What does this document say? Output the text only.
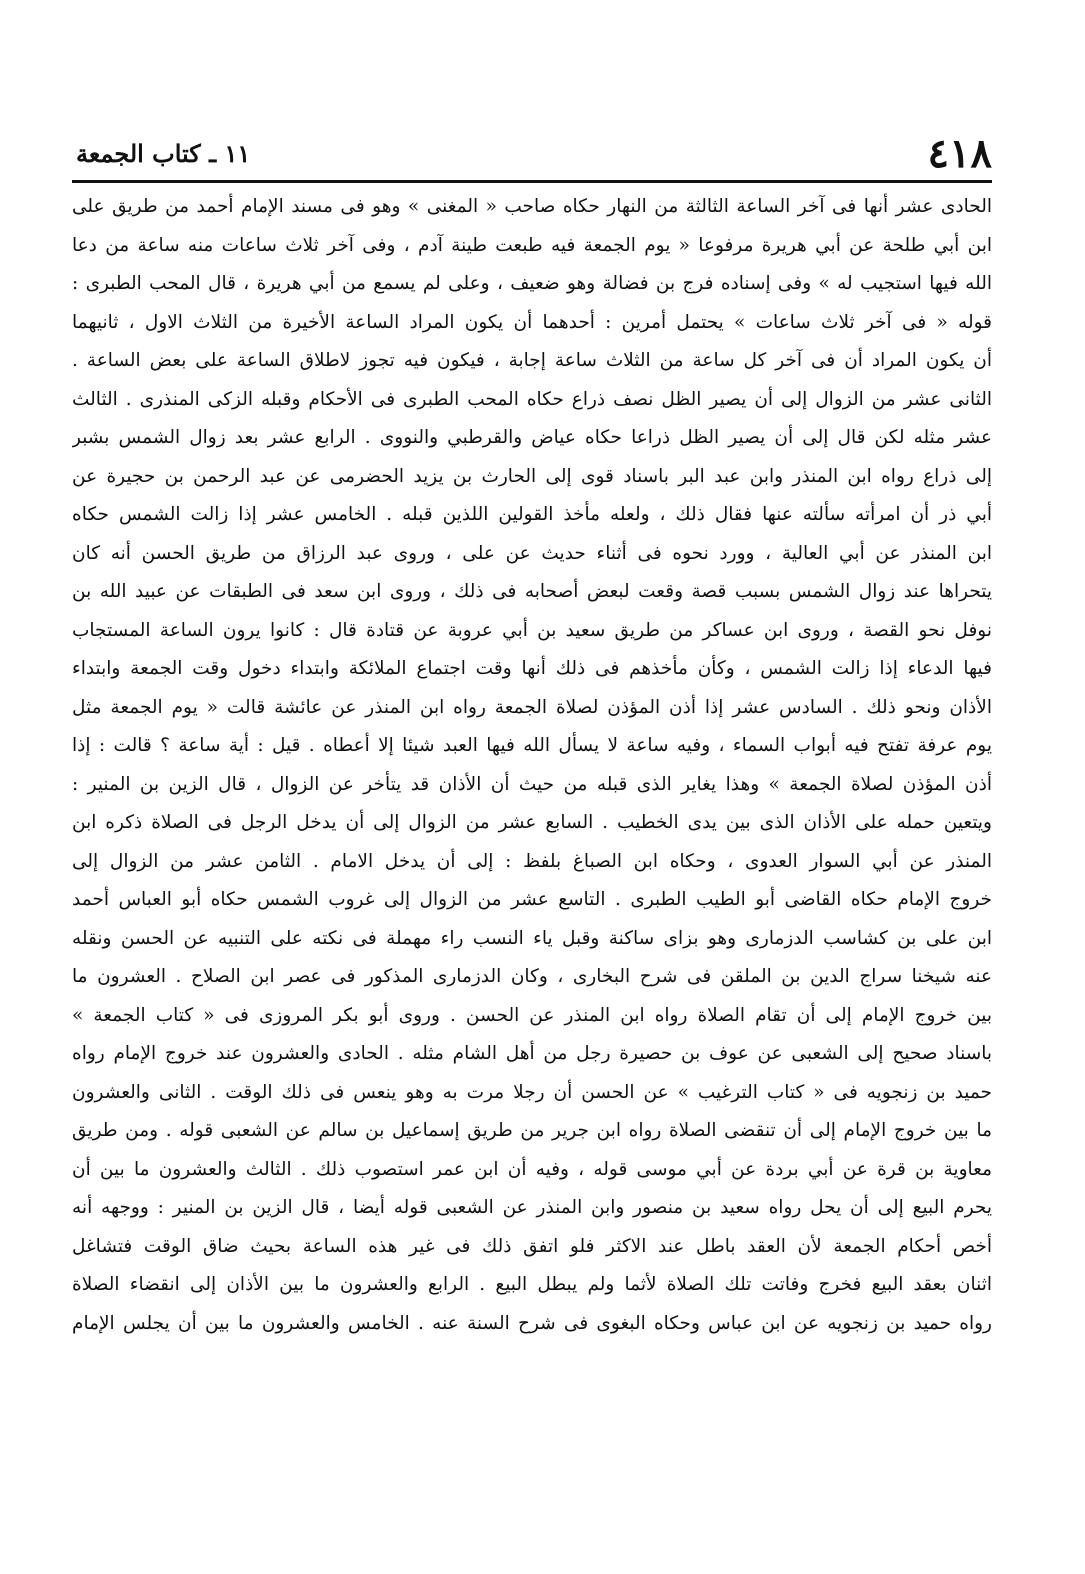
٤١٨
١١ ـ كتاب الجمعة
الحادى عشر أنها فى آخر الساعة الثالثة من النهار حكاه صاحب « المغنى » وهو فى مسند الإمام أحمد من طريق على
ابن أبي طلحة عن أبي هريرة مرفوعا « يوم الجمعة فيه طبعت طينة آدم ، وفى آخر ثلاث ساعات منه ساعة من دعا
الله فيها استجيب له » وفى إسناده فرج بن فضالة وهو ضعيف ، وعلى لم يسمع من أبي هريرة ، قال المحب الطبرى :
قوله « فى آخر ثلاث ساعات » يحتمل أمرين : أحدهما أن يكون المراد الساعة الأخيرة من الثلاث الاول ، ثانيهما
أن يكون المراد أن فى آخر كل ساعة من الثلاث ساعة إجابة ، فيكون فيه تجوز لاطلاق الساعة على بعض الساعة .
الثانى عشر من الزوال إلى أن يصير الظل نصف ذراع حكاه المحب الطبرى فى الأحكام وقبله الزكى المنذرى . الثالث
عشر مثله لكن قال إلى أن يصير الظل ذراعا حكاه عياض والقرطبي والنووى . الرابع عشر بعد زوال الشمس بشبر
إلى ذراع رواه ابن المنذر وابن عبد البر باسناد قوى إلى الحارث بن يزيد الحضرمى عن عبد الرحمن بن حجيرة عن
أبي ذر أن امرأته سألته عنها فقال ذلك ، ولعله مأخذ القولين اللذين قبله . الخامس عشر إذا زالت الشمس حكاه
ابن المنذر عن أبي العالية ، وورد نحوه فى أثناء حديث عن على ، وروى عبد الرزاق من طريق الحسن أنه كان
يتحراها عند زوال الشمس بسبب قصة وقعت لبعض أصحابه فى ذلك ، وروى ابن سعد فى الطبقات عن عبيد الله بن
نوفل نحو القصة ، وروى ابن عساكر من طريق سعيد بن أبي عروبة عن قتادة قال : كانوا يرون الساعة المستجاب
فيها الدعاء إذا زالت الشمس ، وكأن مأخذهم فى ذلك أنها وقت اجتماع الملائكة وابتداء دخول وقت الجمعة وابتداء
الأذان ونحو ذلك . السادس عشر إذا أذن المؤذن لصلاة الجمعة رواه ابن المنذر عن عائشة قالت « يوم الجمعة مثل
يوم عرفة تفتح فيه أبواب السماء ، وفيه ساعة لا يسأل الله فيها العبد شيئا إلا أعطاه . قيل : أية ساعة ؟ قالت : إذا
أذن المؤذن لصلاة الجمعة » وهذا يغاير الذى قبله من حيث أن الأذان قد يتأخر عن الزوال ، قال الزين بن المنير :
ويتعين حمله على الأذان الذى بين يدى الخطيب . السابع عشر من الزوال إلى أن يدخل الرجل فى الصلاة ذكره ابن
المنذر عن أبي السوار العدوى ، وحكاه ابن الصباغ بلفظ : إلى أن يدخل الامام . الثامن عشر من الزوال إلى
خروج الإمام حكاه القاضى أبو الطيب الطبرى . التاسع عشر من الزوال إلى غروب الشمس حكاه أبو العباس أحمد
ابن على بن كشاسب الدزمارى وهو بزاى ساكنة وقبل ياء النسب راء مهملة فى نكته على التنبيه عن الحسن ونقله
عنه شيخنا سراج الدين بن الملقن فى شرح البخارى ، وكان الدزمارى المذكور فى عصر ابن الصلاح . العشرون ما
بين خروج الإمام إلى أن تقام الصلاة رواه ابن المنذر عن الحسن . وروى أبو بكر المروزى فى « كتاب الجمعة »
باسناد صحيح إلى الشعبى عن عوف بن حصيرة رجل من أهل الشام مثله . الحادى والعشرون عند خروج الإمام رواه
حميد بن زنجويه فى « كتاب الترغيب » عن الحسن أن رجلا مرت به وهو ينعس فى ذلك الوقت . الثانى والعشرون
ما بين خروج الإمام إلى أن تنقضى الصلاة رواه ابن جرير من طريق إسماعيل بن سالم عن الشعبى قوله . ومن طريق
معاوية بن قرة عن أبي بردة عن أبي موسى قوله ، وفيه أن ابن عمر استصوب ذلك . الثالث والعشرون ما بين أن
يحرم البيع إلى أن يحل رواه سعيد بن منصور وابن المنذر عن الشعبى قوله أيضا ، قال الزين بن المنير : ووجهه أنه
أخص أحكام الجمعة لأن العقد باطل عند الاكثر فلو اتفق ذلك فى غير هذه الساعة بحيث ضاق الوقت فتشاغل
اثنان بعقد البيع فخرج وفاتت تلك الصلاة لأثما ولم يبطل البيع . الرابع والعشرون ما بين الأذان إلى انقضاء الصلاة
رواه حميد بن زنجويه عن ابن عباس وحكاه البغوى فى شرح السنة عنه . الخامس والعشرون ما بين أن يجلس الإمام
